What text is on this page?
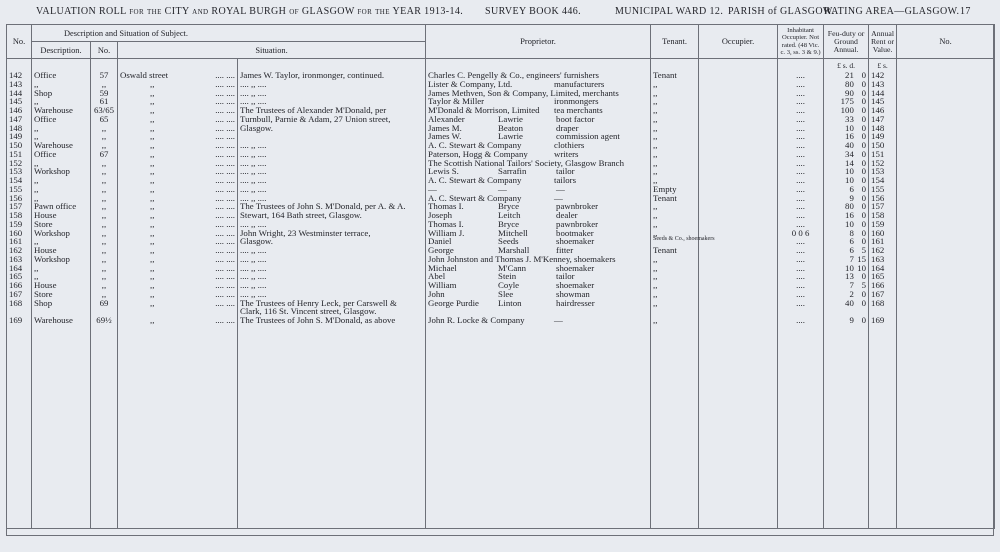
VALUATION ROLL for the CITY and ROYAL BURGH of GLASGOW for the YEAR 1913-14. SURVEY BOOK 446.	MUNICIPAL WARD 12. PARISH of GLASGOW.
RATING AREA—GLASGOW. 17
No.	Description and Situation of Subject.				Proprietor.	Tenant.	Occupier.	Inhabitant Occupier. Not rated. (48 Vic. c. 3, ss. 3 & 9.)	Feu-duty or Ground Annual.	Annual Rent or Value.	No.
	Description.	No.	Situation.								
									£ s. d.	£ s.	
142	Office	57	Oswald street .... ....	James W. Taylor, ironmonger, continued.	Charles C. Pengelly & Co., engineers' furnishers	Tenant		....	21 0	142	
143	,,	,,	,, .... ....	.... ,, ....	Lister & Company, Ltd. manufacturers	,,		....	80 0	143	
144	Shop	59	,, .... ....	.... ,, ....	James Methven, Son & Company, Limited, merchants	,,		....	90 0	144	
145	,,	61	,, .... ....	.... ,, ....	Taylor & Miller ironmongers	,,		....	175 0	145	
146	Warehouse	63/65	,, .... ....	The Trustees of Alexander M'Donald, per	M'Donald & Morrison, Limited tea merchants	,,		....	100 0	146	
147	Office	65	,, .... ....	Turnbull, Parnie & Adam, 27 Union street,	Alexander Lawrie boot factor	,,		....	33 0	147	
148	,,	,,	,, .... ....	Glasgow.	James M. Beaton draper	,,		....	10 0	148	
149	,,	,,	,, .... ....		James W. Lawrie commission agent	,,		....	16 0	149	
150	Warehouse	,,	,, .... ....	.... ,, ....	A. C. Stewart & Company clothiers	,,		....	40 0	150	
151	Office	67	,, .... ....	.... ,, ....	Paterson, Hogg & Company writers	,,		....	34 0	151	
152	,,	,,	,, .... ....	.... ,, ....	The Scottish National Tailors' Society, Glasgow Branch	,,		....	14 0	152	
153	Workshop	,,	,, .... ....	.... ,, ....	Lewis S. Sarrafin tailor	,,		....	10 0	153	
154	,,	,,	,, .... ....	.... ,, ....	A. C. Stewart & Company tailors	,,		....	10 0	154	
155	,,	,,	,, .... ....	.... ,, ....	— — —	Empty		....	6 0	155	
156	,,	,,	,, .... ....	.... ,, ....	A. C. Stewart & Company —	Tenant		....	9 0	156	
157	Pawn office	,,	,, .... ....	The Trustees of John S. M'Donald, per A. & A.	Thomas I. Bryce pawnbroker	,,		....	80 0	157	
158	House	,,	,, .... ....	Stewart, 164 Bath street, Glasgow.	Joseph Leitch dealer	,,		....	16 0	158	
159	Store	,,	,, .... ....	.... ,, ....	Thomas I. Bryce pawnbroker	,,		....	10 0	159	
160	Workshop	,,	,, .... ....	John Wright, 23 Westminster terrace,	William J. Mitchell bootmaker	,,		0 0 6	8 0	160	
161	,,	,,	,, .... ....	Glasgow.	Daniel Seeds shoemaker	Seeds & Co., shoemakers		....	6 0	161	
162	House	,,	,, .... ....	.... ,, ....	George Marshall fitter	Tenant		....	6 5	162	
163	Workshop	,,	,, .... ....	.... ,, ....	John Johnston and Thomas J. M'Kenney, shoemakers	,,		....	7 15	163	
164	,,	,,	,, .... ....	.... ,, ....	Michael M'Cann shoemaker	,,		....	10 10	164	
165	,,	,,	,, .... ....	.... ,, ....	Abel Stein tailor	,,		....	13 0	165	
166	House	,,	,, .... ....	.... ,, ....	William Coyle shoemaker	,,		....	7 5	166	
167	Store	,,	,, .... ....	.... ,, ....	John Slee showman	,,		....	2 0	167	
168	Shop	69	,, .... ....	The Trustees of Henry Leck, per Carswell &	George Purdie Linton hairdresser	,,		....	40 0	168	

	Clark, 116 St. Vincent street, Glasgow.							
169	Warehouse	69½	,, .... ....	The Trustees of John S. M'Donald, as above	John R. Locke & Company —	,,		....	9 0	169	
